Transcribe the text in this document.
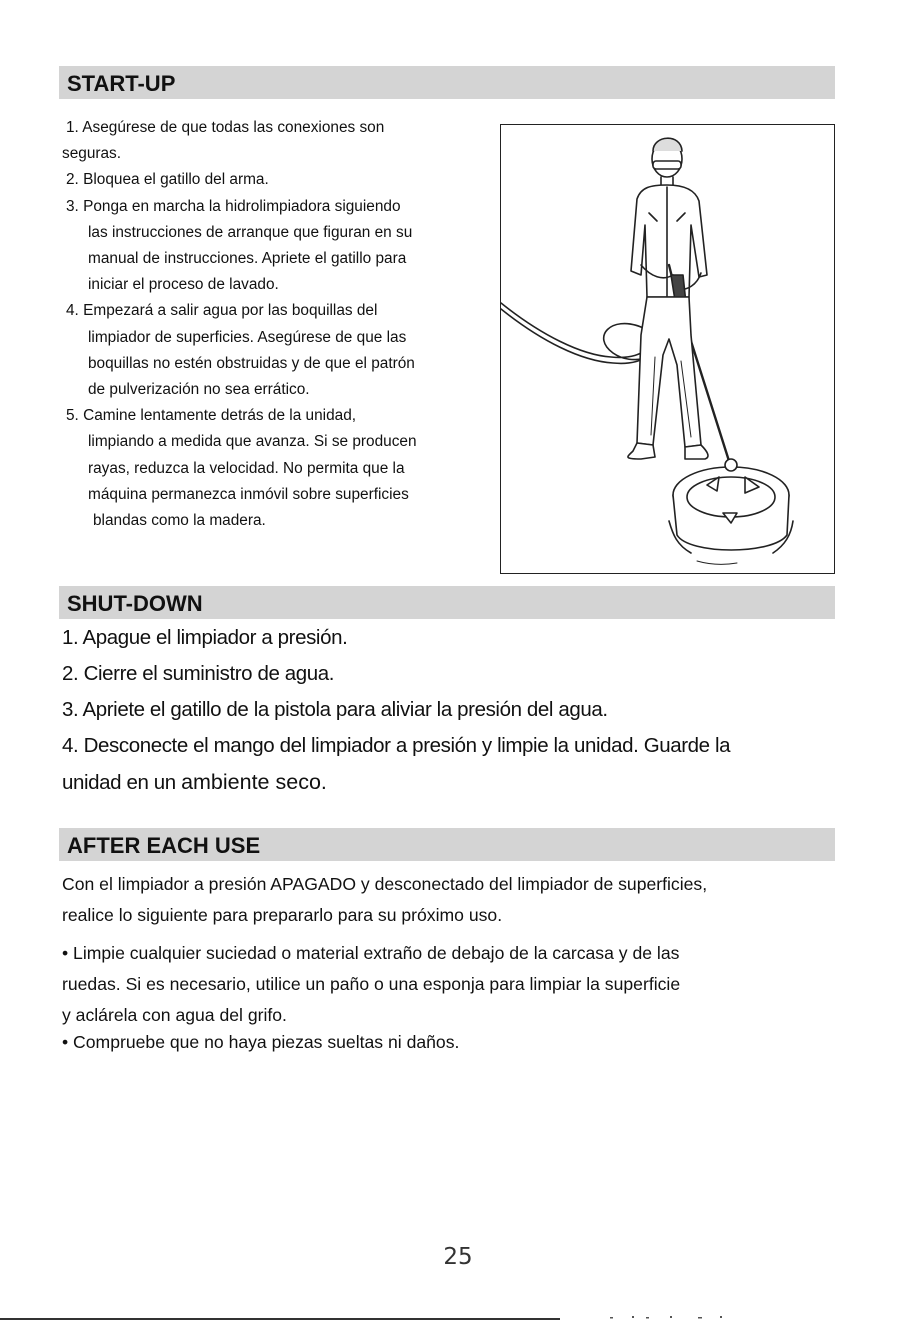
START-UP
1. Asegúrese de que todas las conexiones son
seguras.
2. Bloquea el gatillo del arma.
3. Ponga en marcha la hidrolimpiadora siguiendo
las instrucciones de arranque que figuran en su
manual de instrucciones. Apriete el gatillo para
iniciar el proceso de lavado.
4. Empezará a salir agua por las boquillas del
limpiador de superficies. Asegúrese de que las
boquillas no estén obstruidas y de que el patrón
de pulverización no sea errático.
5. Camine lentamente detrás de la unidad,
limpiando a medida que avanza. Si se producen
rayas, reduzca la velocidad. No permita que la
máquina permanezca inmóvil sobre superficies
blandas como la madera.
SHUT-DOWN
1. Apague el limpiador a presión.
2. Cierre el suministro de agua.
3. Apriete el gatillo de la pistola para aliviar la presión del agua.
4. Desconecte el mango del limpiador a presión y limpie la unidad. Guarde la
unidad en un ambiente seco.
AFTER EACH USE

Con el limpiador a presión APAGADO y desconectado del limpiador de superficies,

realice lo siguiente para prepararlo para su próximo uso.

• Limpie cualquier suciedad o material extraño de debajo de la carcasa y de las

ruedas. Si es necesario, utilice un paño o una esponja para limpiar la superficie

y aclárela con agua del grifo.

• Compruebe que no haya piezas sueltas ni daños.

25
